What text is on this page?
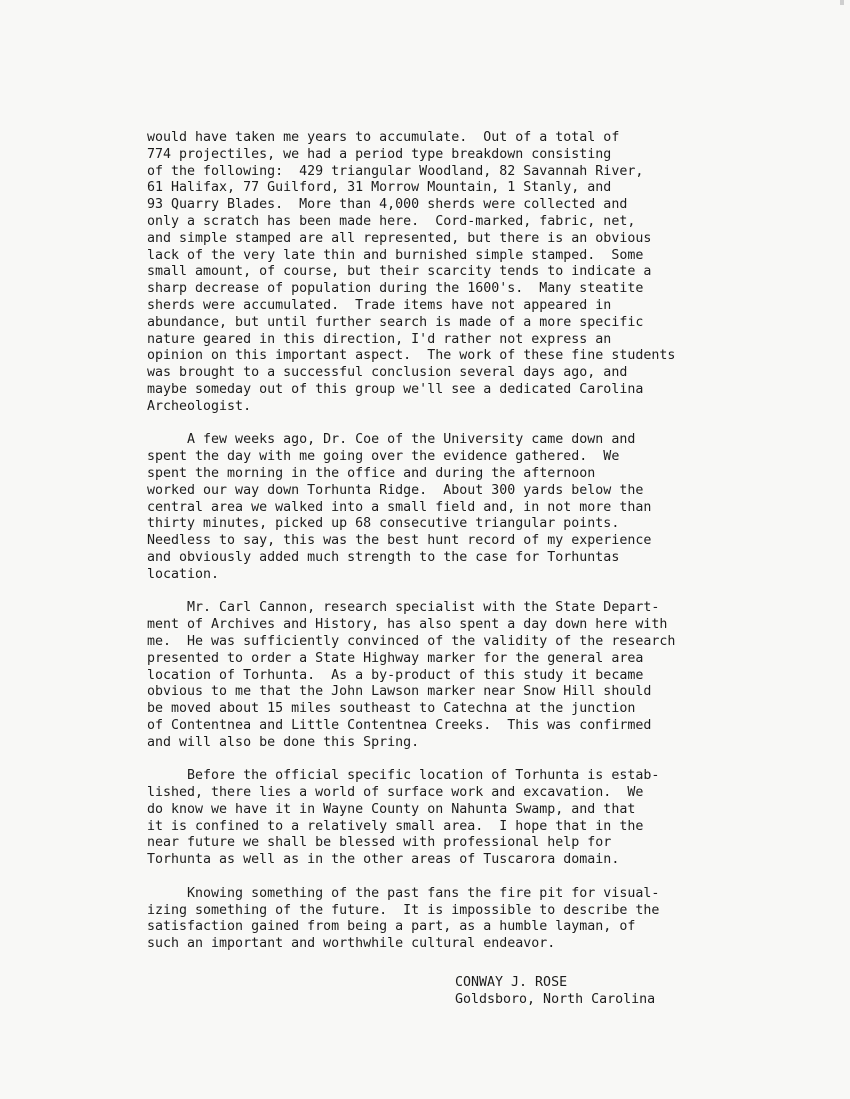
would have taken me years to accumulate.  Out of a total of
774 projectiles, we had a period type breakdown consisting
of the following:  429 triangular Woodland, 82 Savannah River,
61 Halifax, 77 Guilford, 31 Morrow Mountain, 1 Stanly, and
93 Quarry Blades.  More than 4,000 sherds were collected and
only a scratch has been made here.  Cord-marked, fabric, net,
and simple stamped are all represented, but there is an obvious
lack of the very late thin and burnished simple stamped.  Some
small amount, of course, but their scarcity tends to indicate a
sharp decrease of population during the 1600's.  Many steatite
sherds were accumulated.  Trade items have not appeared in
abundance, but until further search is made of a more specific
nature geared in this direction, I'd rather not express an
opinion on this important aspect.  The work of these fine students
was brought to a successful conclusion several days ago, and
maybe someday out of this group we'll see a dedicated Carolina
Archeologist.
A few weeks ago, Dr. Coe of the University came down and
spent the day with me going over the evidence gathered.  We
spent the morning in the office and during the afternoon
worked our way down Torhunta Ridge.  About 300 yards below the
central area we walked into a small field and, in not more than
thirty minutes, picked up 68 consecutive triangular points.
Needless to say, this was the best hunt record of my experience
and obviously added much strength to the case for Torhuntas
location.
Mr. Carl Cannon, research specialist with the State Depart-
ment of Archives and History, has also spent a day down here with
me.  He was sufficiently convinced of the validity of the research
presented to order a State Highway marker for the general area
location of Torhunta.  As a by-product of this study it became
obvious to me that the John Lawson marker near Snow Hill should
be moved about 15 miles southeast to Catechna at the junction
of Contentnea and Little Contentnea Creeks.  This was confirmed
and will also be done this Spring.
Before the official specific location of Torhunta is estab-
lished, there lies a world of surface work and excavation.  We
do know we have it in Wayne County on Nahunta Swamp, and that
it is confined to a relatively small area.  I hope that in the
near future we shall be blessed with professional help for
Torhunta as well as in the other areas of Tuscarora domain.
Knowing something of the past fans the fire pit for visual-
izing something of the future.  It is impossible to describe the
satisfaction gained from being a part, as a humble layman, of
such an important and worthwhile cultural endeavor.
CONWAY J. ROSE
Goldsboro, North Carolina
